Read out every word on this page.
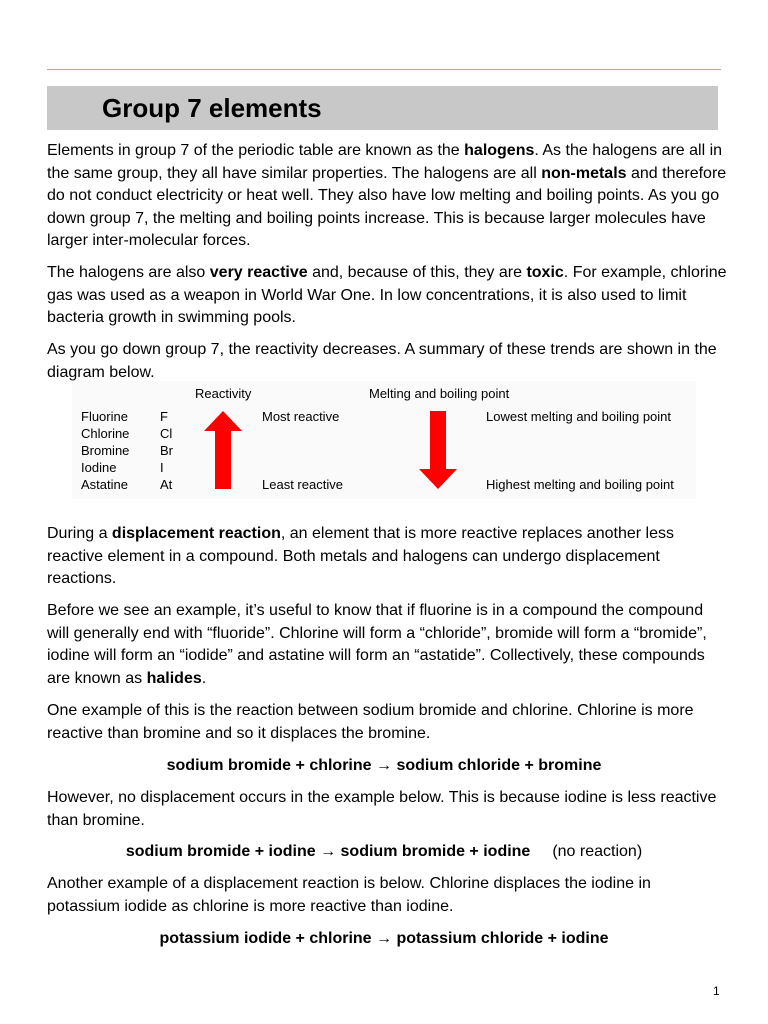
Group 7 elements

Elements in group 7 of the periodic table are known as the halogens. As the halogens are all in the same group, they all have similar properties. The halogens are all non-metals and therefore do not conduct electricity or heat well. They also have low melting and boiling points. As you go down group 7, the melting and boiling points increase. This is because larger molecules have larger inter-molecular forces.

The halogens are also very reactive and, because of this, they are toxic. For example, chlorine gas was used as a weapon in World War One. In low concentrations, it is also used to limit bacteria growth in swimming pools.

As you go down group 7, the reactivity decreases. A summary of these trends are shown in the diagram below.

Reactivity	Melting and boiling point
Fluorine
Chlorine
Bromine
Iodine
Astatine
F
Cl
Br
I
At
Most reactive
Least reactive
Lowest melting and boiling point
Highest melting and boiling point

During a displacement reaction, an element that is more reactive replaces another less reactive element in a compound. Both metals and halogens can undergo displacement reactions.

Before we see an example, it’s useful to know that if fluorine is in a compound the compound will generally end with “fluoride”. Chlorine will form a “chloride”, bromide will form a “bromide”, iodine will form an “iodide” and astatine will form an “astatide”. Collectively, these compounds are known as halides.

One example of this is the reaction between sodium bromide and chlorine. Chlorine is more reactive than bromine and so it displaces the bromine.

sodium bromide + chlorine → sodium chloride + bromine

However, no displacement occurs in the example below. This is because iodine is less reactive than bromine.

sodium bromide + iodine → sodium bromide + iodine (no reaction)

Another example of a displacement reaction is below. Chlorine displaces the iodine in potassium iodide as chlorine is more reactive than iodine.

potassium iodide + chlorine → potassium chloride + iodine
1
